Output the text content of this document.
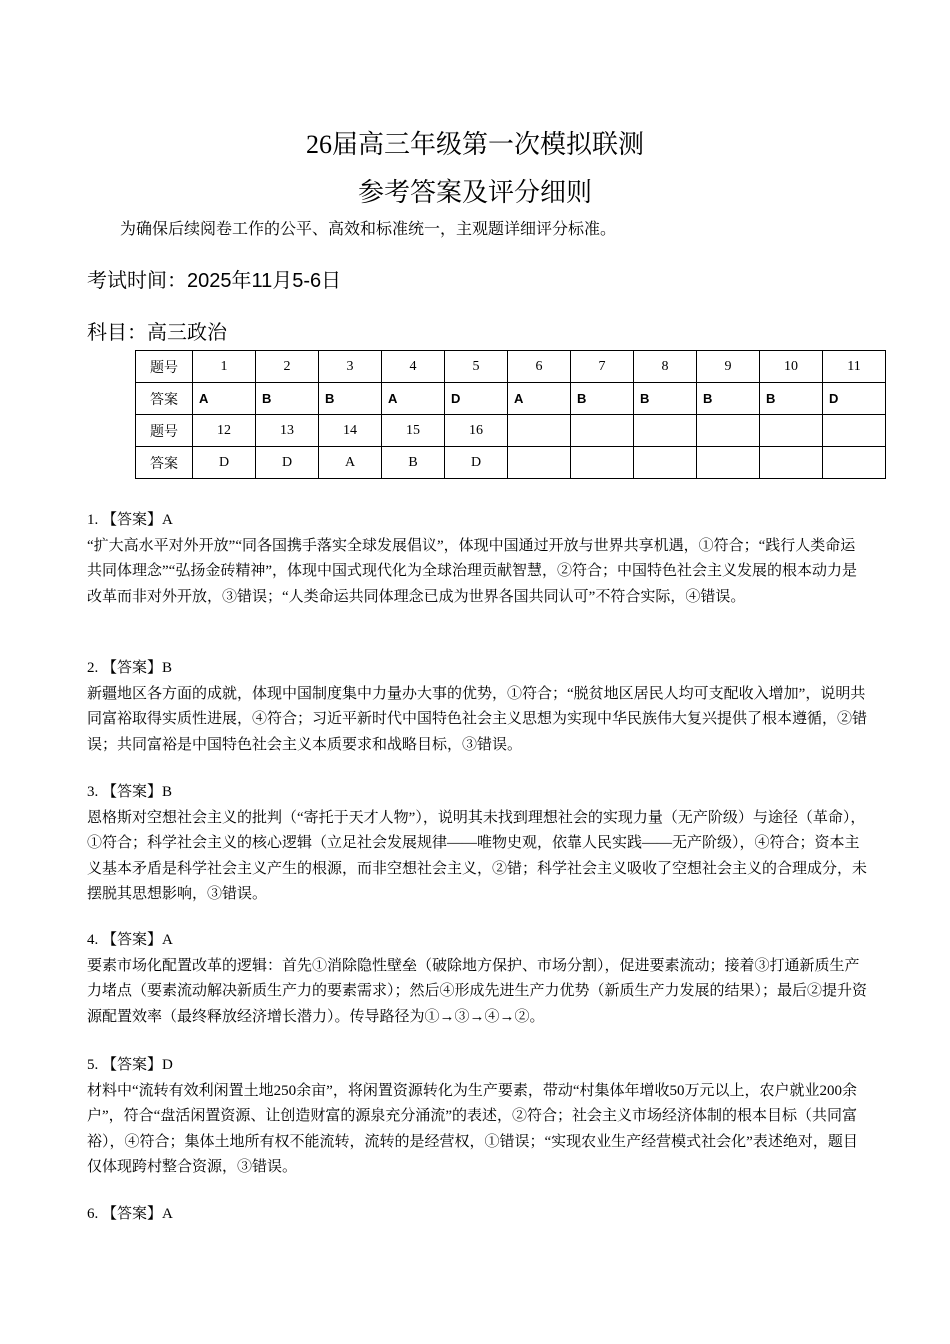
26届高三年级第一次模拟联测
参考答案及评分细则
为确保后续阅卷工作的公平、高效和标准统一，主观题详细评分标准。
考试时间：2025年11月5-6日
科目：高三政治
题号	1	2	3	4	5	6	7	8	9	10	11
答案	A	B	B	A	D	A	B	B	B	B	D
题号	12	13	14	15	16						
答案	D	D	A	B	D						
1. 【答案】A
“扩大高水平对外开放”“同各国携手落实全球发展倡议”，体现中国通过开放与世界共享机遇，①符合；“践行人类命运共同体理念”“弘扬金砖精神”，体现中国式现代化为全球治理贡献智慧，②符合；中国特色社会主义发展的根本动力是改革而非对外开放，③错误；“人类命运共同体理念已成为世界各国共同认可”不符合实际，④错误。
2. 【答案】B
新疆地区各方面的成就，体现中国制度集中力量办大事的优势，①符合；“脱贫地区居民人均可支配收入增加”，说明共同富裕取得实质性进展，④符合；习近平新时代中国特色社会主义思想为实现中华民族伟大复兴提供了根本遵循，②错误；共同富裕是中国特色社会主义本质要求和战略目标，③错误。
3. 【答案】B
恩格斯对空想社会主义的批判（“寄托于天才人物”），说明其未找到理想社会的实现力量（无产阶级）与途径（革命），①符合；科学社会主义的核心逻辑（立足社会发展规律——唯物史观，依靠人民实践——无产阶级），④符合；资本主义基本矛盾是科学社会主义产生的根源，而非空想社会主义，②错；科学社会主义吸收了空想社会主义的合理成分，未摆脱其思想影响，③错误。
4. 【答案】A
要素市场化配置改革的逻辑：首先①消除隐性壁垒（破除地方保护、市场分割），促进要素流动；接着③打通新质生产力堵点（要素流动解决新质生产力的要素需求）；然后④形成先进生产力优势（新质生产力发展的结果）；最后②提升资源配置效率（最终释放经济增长潜力）。传导路径为①→③→④→②。
5. 【答案】D
材料中“流转有效利闲置土地250余亩”，将闲置资源转化为生产要素，带动“村集体年增收50万元以上，农户就业200余户”，符合“盘活闲置资源、让创造财富的源泉充分涌流”的表述，②符合；社会主义市场经济体制的根本目标（共同富裕），④符合；集体土地所有权不能流转，流转的是经营权，①错误；“实现农业生产经营模式社会化”表述绝对，题目仅体现跨村整合资源，③错误。
6. 【答案】A
